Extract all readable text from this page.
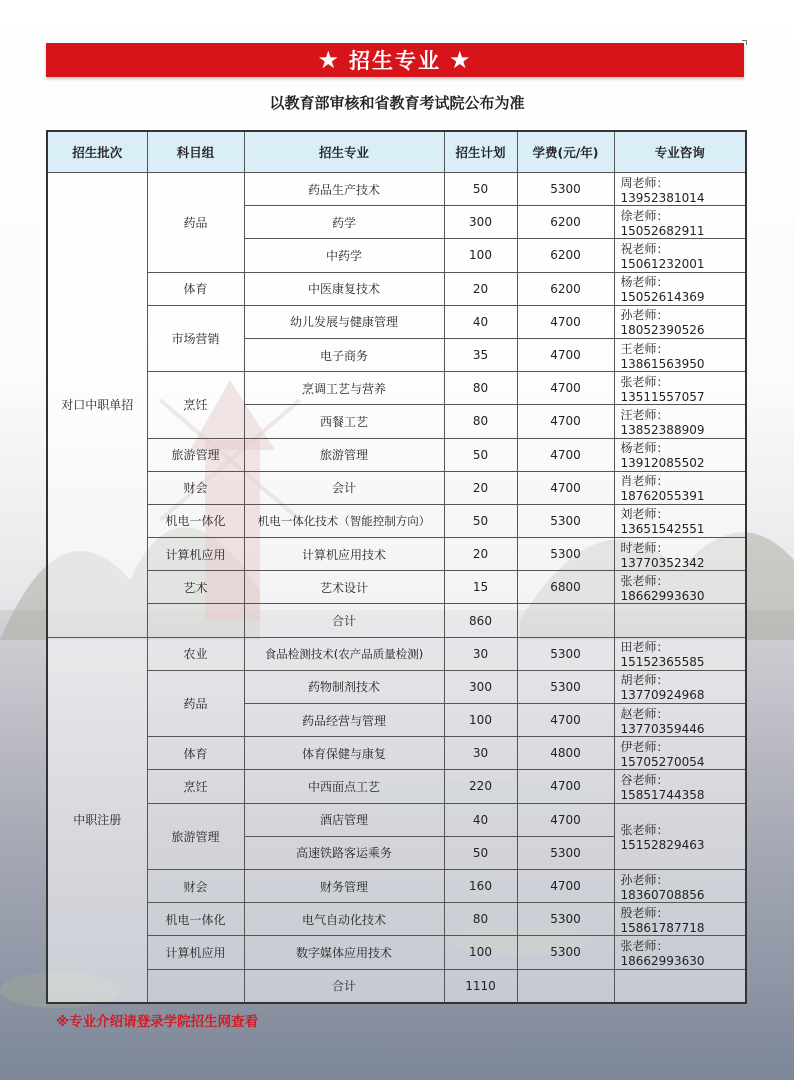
★ 招生专业 ★
以教育部审核和省教育考试院公布为准
招生批次	科目组	招生专业	招生计划	学费(元/年)	专业咨询
对口中职单招	药品	药品生产技术	50	5300	周老师：13952381014
		药学	300	6200	徐老师：15052682911
		中药学	100	6200	祝老师：15061232001
	体育	中医康复技术	20	6200	杨老师：15052614369
	市场营销	幼儿发展与健康管理	40	4700	孙老师：18052390526
		电子商务	35	4700	王老师：13861563950
	烹饪	烹调工艺与营养	80	4700	张老师：13511557057
		西餐工艺	80	4700	汪老师：13852388909
	旅游管理	旅游管理	50	4700	杨老师：13912085502
	财会	会计	20	4700	肖老师：18762055391
	机电一体化	机电一体化技术（智能控制方向）	50	5300	刘老师：13651542551
	计算机应用	计算机应用技术	20	5300	时老师：13770352342
	艺术	艺术设计	15	6800	张老师：18662993630
		合计	860		
中职注册	农业	食品检测技术(农产品质量检测)	30	5300	田老师：15152365585
	药品	药物制剂技术	300	5300	胡老师：13770924968
		药品经营与管理	100	4700	赵老师：13770359446
	体育	体育保健与康复	30	4800	伊老师：15705270054
	烹饪	中西面点工艺	220	4700	谷老师：15851744358
	旅游管理	酒店管理	40	4700	张老师：15152829463
		高速铁路客运乘务	50	5300	
	财会	财务管理	160	4700	孙老师：18360708856
	机电一体化	电气自动化技术	80	5300	殷老师：15861787718
	计算机应用	数字媒体应用技术	100	5300	张老师：18662993630
		合计	1110		
※专业介绍请登录学院招生网查看
